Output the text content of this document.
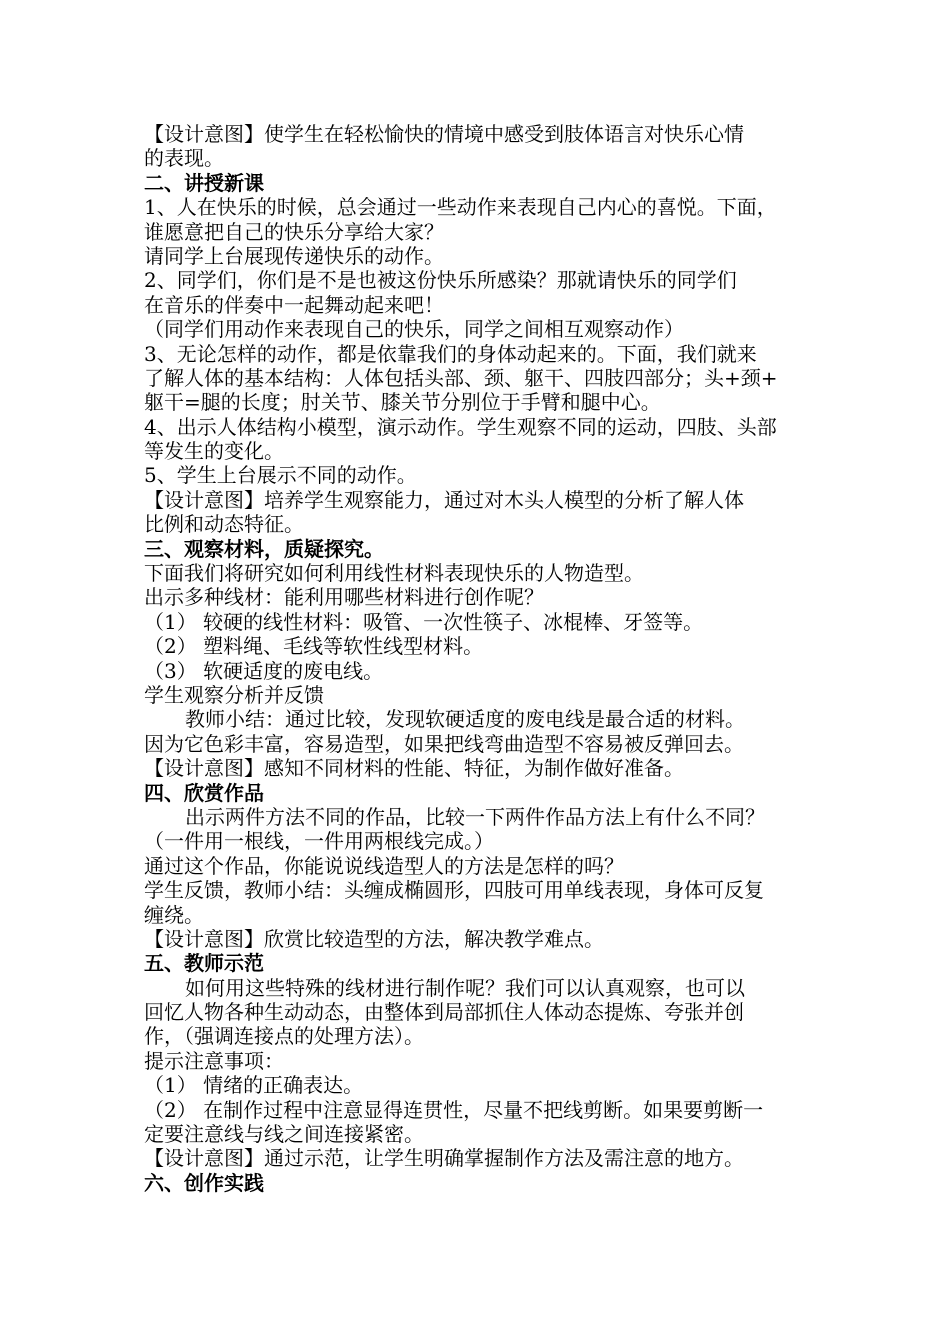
【设计意图】使学生在轻松愉快的情境中感受到肢体语言对快乐心情
的表现。
二、讲授新课
1、人在快乐的时候，总会通过一些动作来表现自己内心的喜悦。下面，
谁愿意把自己的快乐分享给大家？
请同学上台展现传递快乐的动作。
2、同学们，你们是不是也被这份快乐所感染？那就请快乐的同学们
在音乐的伴奏中一起舞动起来吧！
（同学们用动作来表现自己的快乐，同学之间相互观察动作）
3、无论怎样的动作，都是依靠我们的身体动起来的。下面，我们就来
了解人体的基本结构：人体包括头部、颈、躯干、四肢四部分；头+颈+
躯干=腿的长度；肘关节、膝关节分别位于手臂和腿中心。
4、出示人体结构小模型，演示动作。学生观察不同的运动，四肢、头部
等发生的变化。
5、学生上台展示不同的动作。
【设计意图】培养学生观察能力，通过对木头人模型的分析了解人体
比例和动态特征。
三、观察材料，质疑探究。
下面我们将研究如何利用线性材料表现快乐的人物造型。
出示多种线材：能利用哪些材料进行创作呢？
（1） 较硬的线性材料：吸管、一次性筷子、冰棍棒、牙签等。
（2） 塑料绳、毛线等软性线型材料。
（3） 软硬适度的废电线。
学生观察分析并反馈
教师小结：通过比较，发现软硬适度的废电线是最合适的材料。
因为它色彩丰富，容易造型，如果把线弯曲造型不容易被反弹回去。
【设计意图】感知不同材料的性能、特征，为制作做好准备。
四、欣赏作品
出示两件方法不同的作品，比较一下两件作品方法上有什么不同？
（一件用一根线，一件用两根线完成。）
通过这个作品，你能说说线造型人的方法是怎样的吗？
学生反馈，教师小结：头缠成椭圆形，四肢可用单线表现，身体可反复
缠绕。
【设计意图】欣赏比较造型的方法，解决教学难点。
五、教师示范
如何用这些特殊的线材进行制作呢？我们可以认真观察，也可以
回忆人物各种生动动态，由整体到局部抓住人体动态提炼、夸张并创
作，（强调连接点的处理方法）。
提示注意事项：
（1） 情绪的正确表达。
（2） 在制作过程中注意显得连贯性，尽量不把线剪断。如果要剪断一
定要注意线与线之间连接紧密。
【设计意图】通过示范，让学生明确掌握制作方法及需注意的地方。
六、创作实践
